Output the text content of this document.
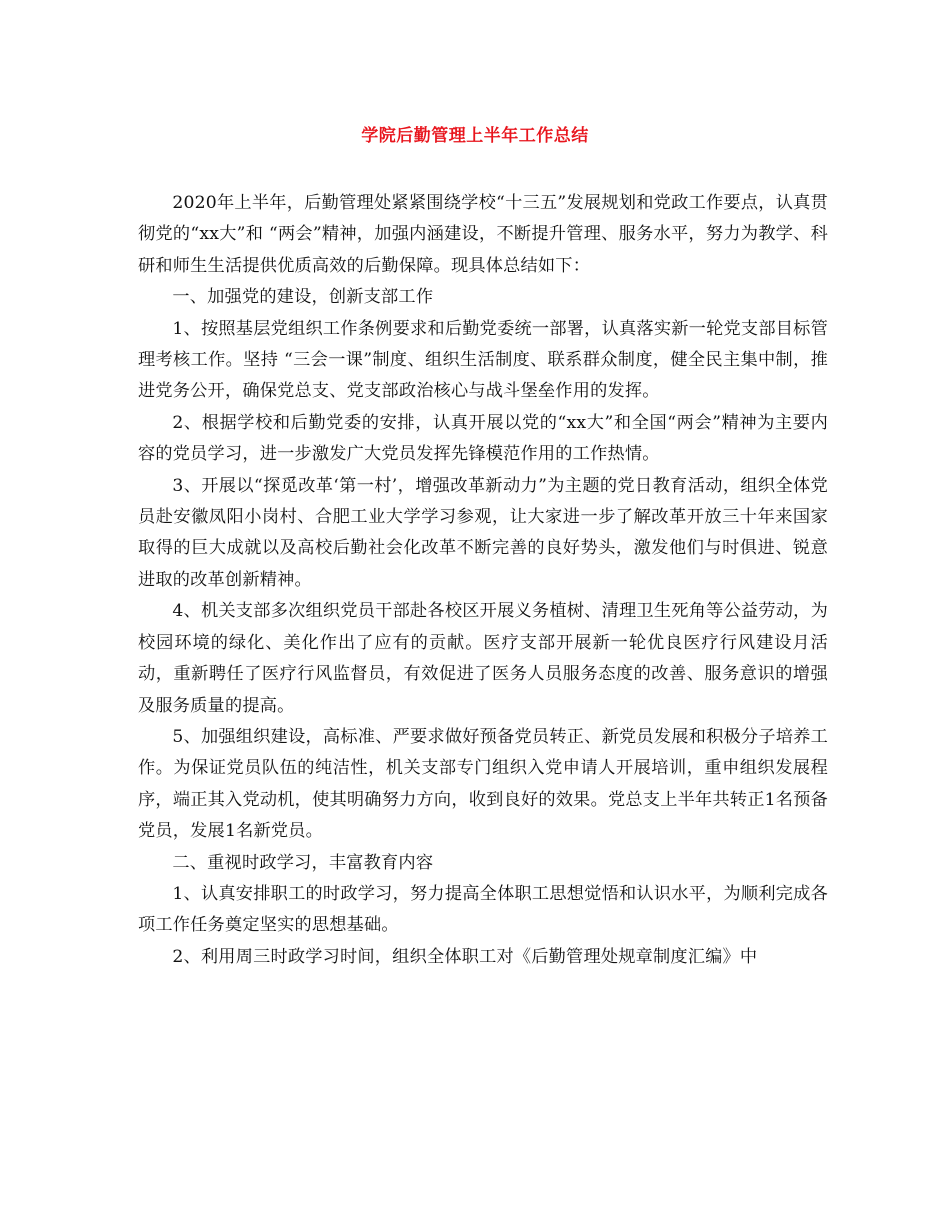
学院后勤管理上半年工作总结

2020年上半年，后勤管理处紧紧围绕学校“十三五”发展规划和党政工作要点，认真贯彻党的“xx大”和 “两会”精神，加强内涵建设，不断提升管理、服务水平，努力为教学、科研和师生生活提供优质高效的后勤保障。现具体总结如下：

一、加强党的建设，创新支部工作

1、按照基层党组织工作条例要求和后勤党委统一部署，认真落实新一轮党支部目标管理考核工作。坚持 “三会一课”制度、组织生活制度、联系群众制度，健全民主集中制，推进党务公开，确保党总支、党支部政治核心与战斗堡垒作用的发挥。

2、根据学校和后勤党委的安排，认真开展以党的“xx大”和全国“两会”精神为主要内容的党员学习，进一步激发广大党员发挥先锋模范作用的工作热情。

3、开展以“探觅改革‘第一村’，增强改革新动力”为主题的党日教育活动，组织全体党员赴安徽凤阳小岗村、合肥工业大学学习参观，让大家进一步了解改革开放三十年来国家取得的巨大成就以及高校后勤社会化改革不断完善的良好势头，激发他们与时俱进、锐意进取的改革创新精神。

4、机关支部多次组织党员干部赴各校区开展义务植树、清理卫生死角等公益劳动，为校园环境的绿化、美化作出了应有的贡献。医疗支部开展新一轮优良医疗行风建设月活动，重新聘任了医疗行风监督员，有效促进了医务人员服务态度的改善、服务意识的增强及服务质量的提高。

5、加强组织建设，高标准、严要求做好预备党员转正、新党员发展和积极分子培养工作。为保证党员队伍的纯洁性，机关支部专门组织入党申请人开展培训，重申组织发展程序，端正其入党动机，使其明确努力方向，收到良好的效果。党总支上半年共转正1名预备党员，发展1名新党员。

二、重视时政学习，丰富教育内容

1、认真安排职工的时政学习，努力提高全体职工思想觉悟和认识水平，为顺利完成各项工作任务奠定坚实的思想基础。

2、利用周三时政学习时间，组织全体职工对《后勤管理处规章制度汇编》中
